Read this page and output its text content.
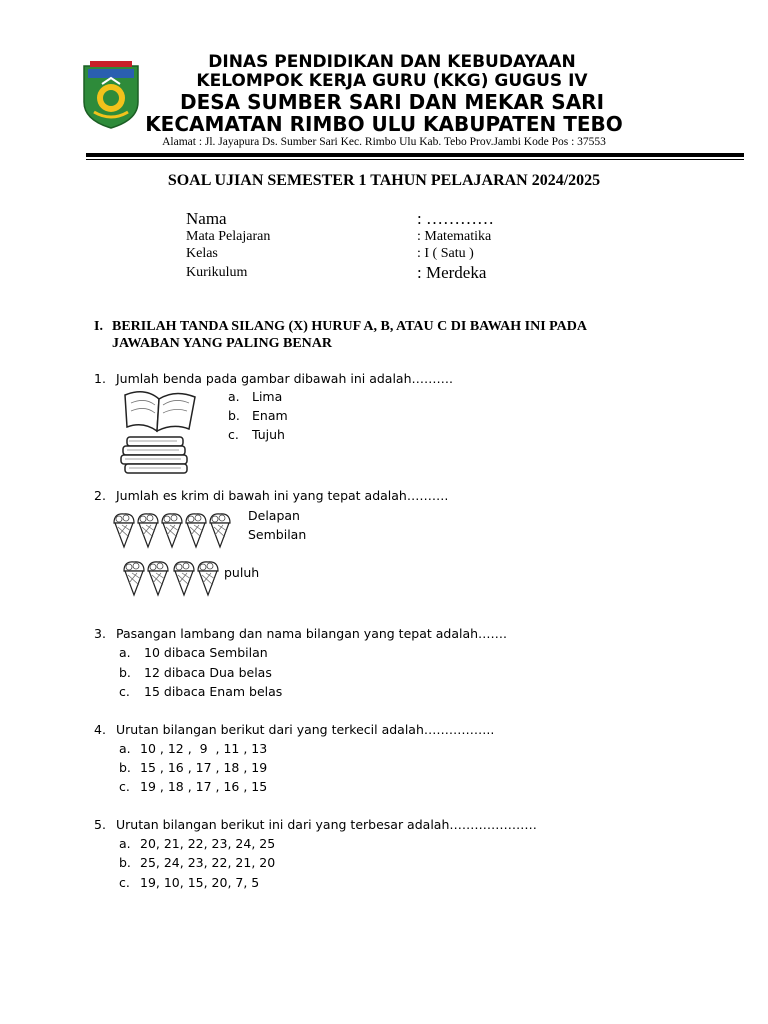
DINAS PENDIDIKAN DAN KEBUDAYAAN
KELOMPOK KERJA GURU (KKG) GUGUS IV
DESA SUMBER SARI DAN MEKAR SARI
KECAMATAN RIMBO ULU KABUPATEN TEBO
Alamat : Jl. Jayapura Ds. Sumber Sari Kec. Rimbo Ulu Kab. Tebo Prov.Jambi Kode Pos : 37553
SOAL UJIAN SEMESTER 1 TAHUN PELAJARAN 2024/2025
Nama	: …………
Mata Pelajaran	: Matematika
Kelas	: I ( Satu )
Kurikulum	: Merdeka
I. BERILAH TANDA SILANG (X) HURUF A, B, ATAU C DI BAWAH INI PADA
JAWABAN YANG PALING BENAR
1. Jumlah benda pada gambar dibawah ini adalah……….
a. Lima
b. Enam
c. Tujuh
2. Jumlah es krim di bawah ini yang tepat adalah……….
Delapan
Sembilan
puluh
3. Pasangan lambang dan nama bilangan yang tepat adalah…….
a. 10 dibaca Sembilan
b. 12 dibaca Dua belas
c. 15 dibaca Enam belas
4. Urutan bilangan berikut dari yang terkecil adalah……………..
a. 10 , 12 ,  9  , 11 , 13
b. 15 , 16 , 17 , 18 , 19
c. 19 , 18 , 17 , 16 , 15
5. Urutan bilangan berikut ini dari yang terbesar adalah…………………
a. 20, 21, 22, 23, 24, 25
b. 25, 24, 23, 22, 21, 20
c. 19, 10, 15, 20, 7, 5
